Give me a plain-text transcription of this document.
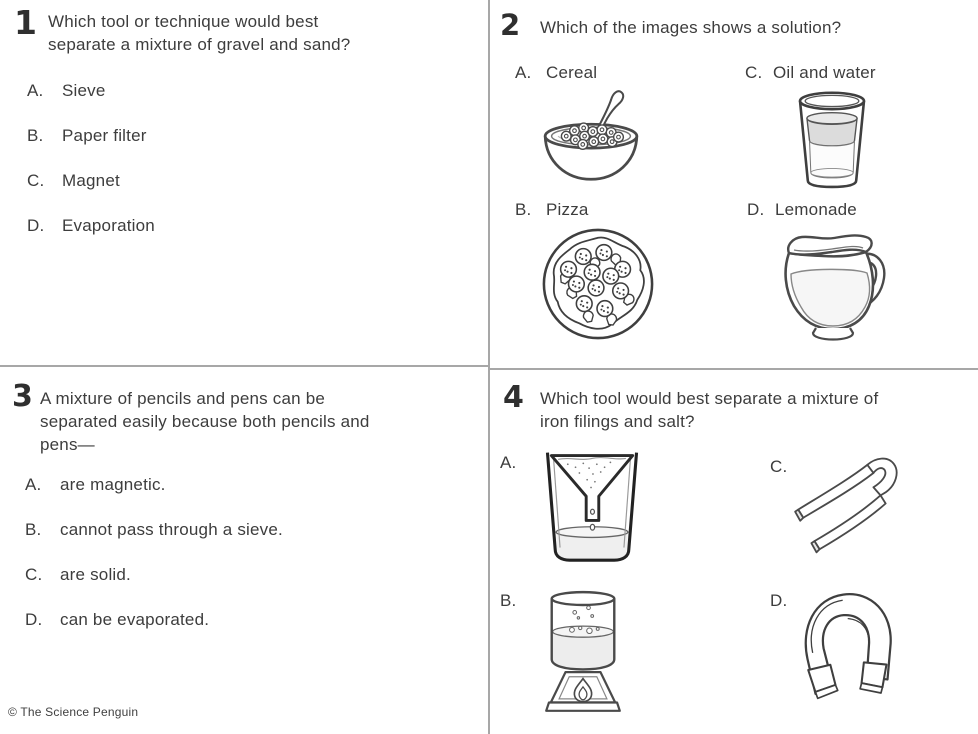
1 Which tool or technique would best
separate a mixture of gravel and sand?
A.	Sieve
B.	Paper filter
C.	Magnet
D.	Evaporation
2	Which of the images shows a solution?
A. Cereal	C. Oil and water
B. Pizza	D. Lemonade
3 A mixture of pencils and pens can be
separated easily because both pencils and
pens—
A.	are magnetic.
B.	cannot pass through a sieve.
C.	are solid.
D.	can be evaporated.
4 Which tool would best separate a mixture of
iron filings and salt?
A.	C.
B.	D.
© The Science Penguin
